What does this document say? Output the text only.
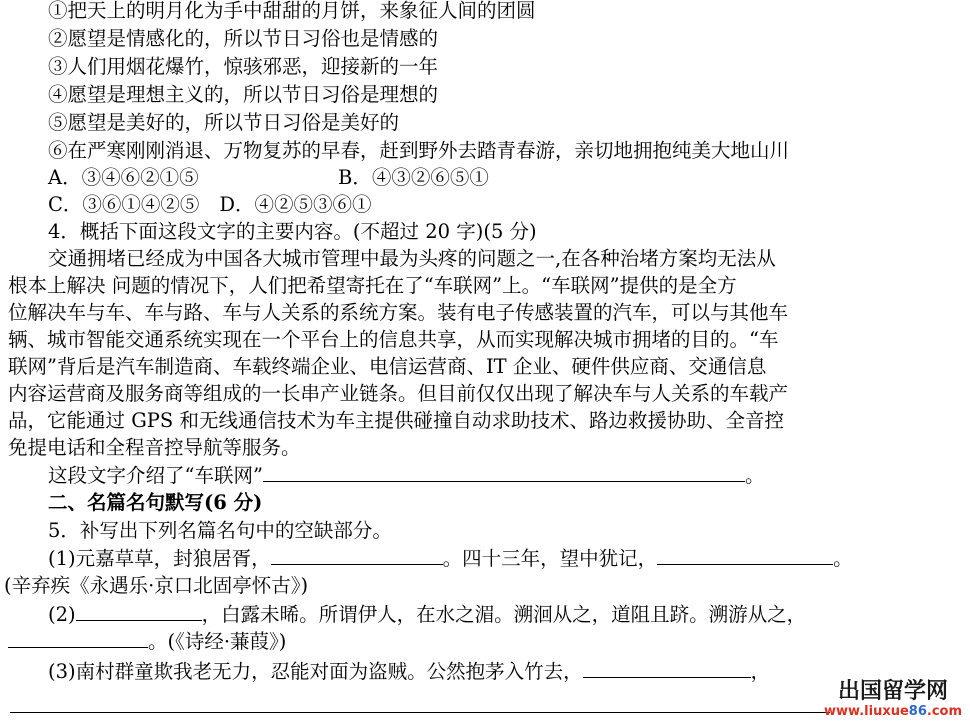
①把天上的明月化为手中甜甜的月饼，来象征人间的团圆
②愿望是情感化的，所以节日习俗也是情感的
③人们用烟花爆竹，惊骇邪恶，迎接新的一年
④愿望是理想主义的，所以节日习俗是理想的
⑤愿望是美好的，所以节日习俗是美好的
⑥在严寒刚刚消退、万物复苏的早春，赶到野外去踏青春游，亲切地拥抱纯美大地山川
A．③④⑥②①⑤	B．④③②⑥⑤①
C．③⑥①④②⑤ D．④②⑤③⑥①
4．概括下面这段文字的主要内容。(不超过 20 字)(5 分)
交通拥堵已经成为中国各大城市管理中最为头疼的问题之一,在各种治堵方案均无法从
根本上解决 问题的情况下，人们把希望寄托在了“车联网”上。“车联网”提供的是全方
位解决车与车、车与路、车与人关系的系统方案。装有电子传感装置的汽车，可以与其他车
辆、城市智能交通系统实现在一个平台上的信息共享，从而实现解决城市拥堵的目的。“车
联网”背后是汽车制造商、车载终端企业、电信运营商、IT 企业、硬件供应商、交通信息
内容运营商及服务商等组成的一长串产业链条。但目前仅仅出现了解决车与人关系的车载产
品，它能通过 GPS 和无线通信技术为车主提供碰撞自动求助技术、路边救援协助、全音控
免提电话和全程音控导航等服务。
这段文字介绍了“车联网”	。
二、名篇名句默写(6 分)
5．补写出下列名篇名句中的空缺部分。
(1)元嘉草草，封狼居胥，	。四十三年，望中犹记，	。
(辛弃疾《永遇乐·京口北固亭怀古》)
(2)	，白露未晞。所谓伊人，在水之湄。溯洄从之，道阻且跻。溯游从之，
。(《诗经·蒹葭》)
(3)南村群童欺我老无力，忍能对面为盗贼。公然抱茅入竹去，	，
出国留学网
www.liuxue86.com
